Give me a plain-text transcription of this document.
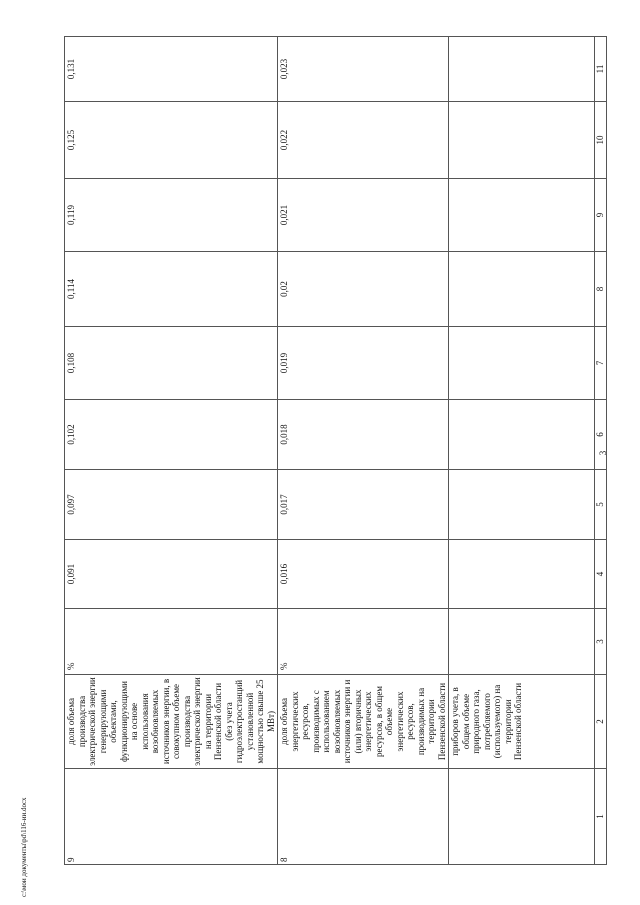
3
c:\мои документы\pd\116-ии.docx	9	доля объема производства электрической энергии генерирующими объектами, функционирующими на основе использования возобновляемых источников энергии, в совокупном объеме производства электрической энергии на территории Пензенской области (без учета гидроэлектростанций установленной мощностью свыше 25 МВт)	%	0,091	0,097	0,102	0,108	0,114	0,119	0,125	0,131
8	доля объема энергетических ресурсов, производимых с использованием возобновляемых источников энергии и (или) вторичных энергетических ресурсов, в общем объеме энергетических ресурсов, производимых на территории Пензенской области	%	0,016	0,017	0,018	0,019	0,02	0,021	0,022	0,023
	приборов учета, в общем объеме природного газа, потребляемого (используемого) на территории Пензенской области									
1	2	3	4	5	6	7	8	9	10	11
